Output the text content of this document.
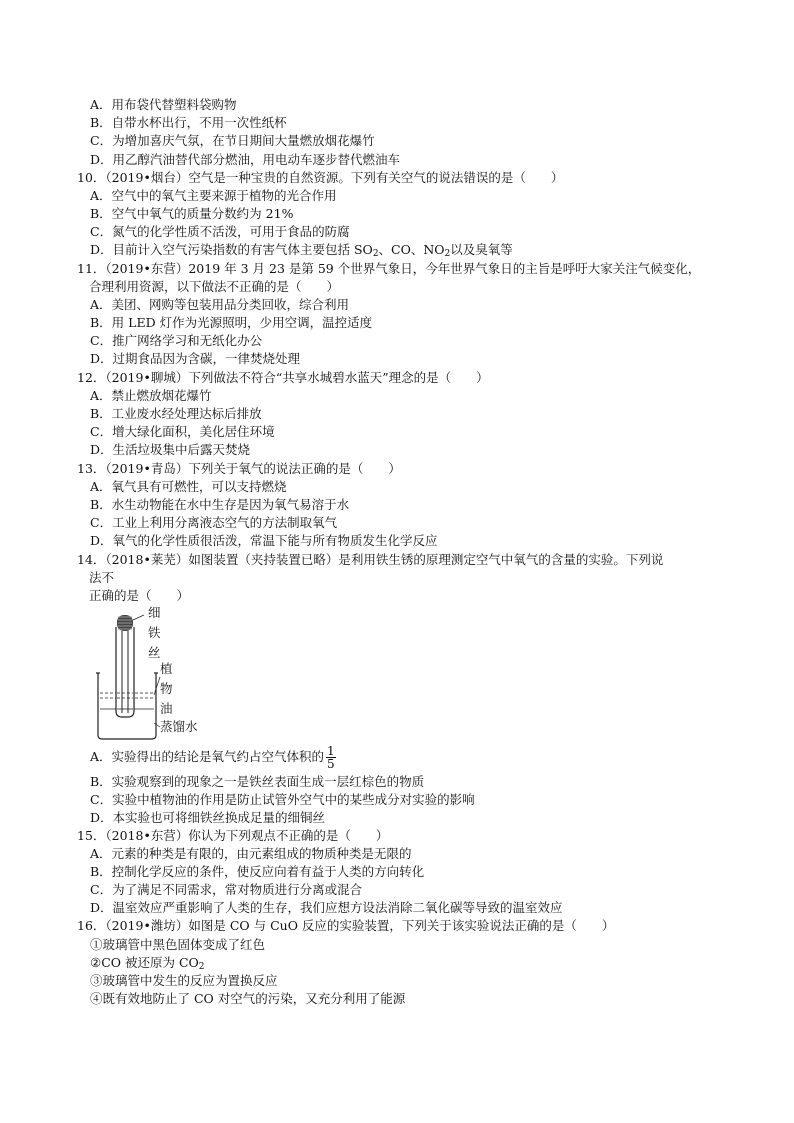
A．用布袋代替塑料袋购物
B．自带水杯出行，不用一次性纸杯
C．为增加喜庆气氛，在节日期间大量燃放烟花爆竹
D．用乙醇汽油替代部分燃油，用电动车逐步替代燃油车
10．（2019•烟台）空气是一种宝贵的自然资源。下列有关空气的说法错误的是（　　）
A．空气中的氧气主要来源于植物的光合作用
B．空气中氧气的质量分数约为 21%
C．氮气的化学性质不活泼，可用于食品的防腐
D．目前计入空气污染指数的有害气体主要包括 $SO_2$、CO、$NO_2$以及臭氧等
11．（2019•东营）2019 年 3 月 23 是第 59 个世界气象日，今年世界气象日的主旨是呼吁大家关注气候变化，
合理利用资源，以下做法不正确的是（　　）
A．美团、网购等包装用品分类回收，综合利用
B．用 LED 灯作为光源照明，少用空调，温控适度
C．推广网络学习和无纸化办公
D．过期食品因为含碳，一律焚烧处理
12．（2019•聊城）下列做法不符合“共享水城碧水蓝天”理念的是（　　）
A．禁止燃放烟花爆竹
B．工业废水经处理达标后排放
C．增大绿化面积，美化居住环境
D．生活垃圾集中后露天焚烧
13．（2019•青岛）下列关于氧气的说法正确的是（　　）
A．氧气具有可燃性，可以支持燃烧
B．水生动物能在水中生存是因为氧气易溶于水
C．工业上利用分离液态空气的方法制取氧气
D．氧气的化学性质很活泼，常温下能与所有物质发生化学反应
14．（2018•莱芜）如图装置（夹持装置已略）是利用铁生锈的原理测定空气中氧气的含量的实验。下列说
法不
正确的是（　　）
细
铁
丝
植
物
油
蒸馏水
A．实验得出的结论是氧气约占空气体积的 $\frac{1}{5}$
B．实验观察到的现象之一是铁丝表面生成一层红棕色的物质
C．实验中植物油的作用是防止试管外空气中的某些成分对实验的影响
D．本实验也可将细铁丝换成足量的细铜丝
15．（2018•东营）你认为下列观点不正确的是（　　）
A．元素的种类是有限的，由元素组成的物质种类是无限的
B．控制化学反应的条件，使反应向着有益于人类的方向转化
C．为了满足不同需求，常对物质进行分离或混合
D．温室效应严重影响了人类的生存，我们应想方设法消除二氧化碳等导致的温室效应
16．（2019•潍坊）如图是 CO 与 CuO 反应的实验装置，下列关于该实验说法正确的是（　　）
①玻璃管中黑色固体变成了红色
②CO 被还原为 $CO_2$
③玻璃管中发生的反应为置换反应
④既有效地防止了 CO 对空气的污染，又充分利用了能源
